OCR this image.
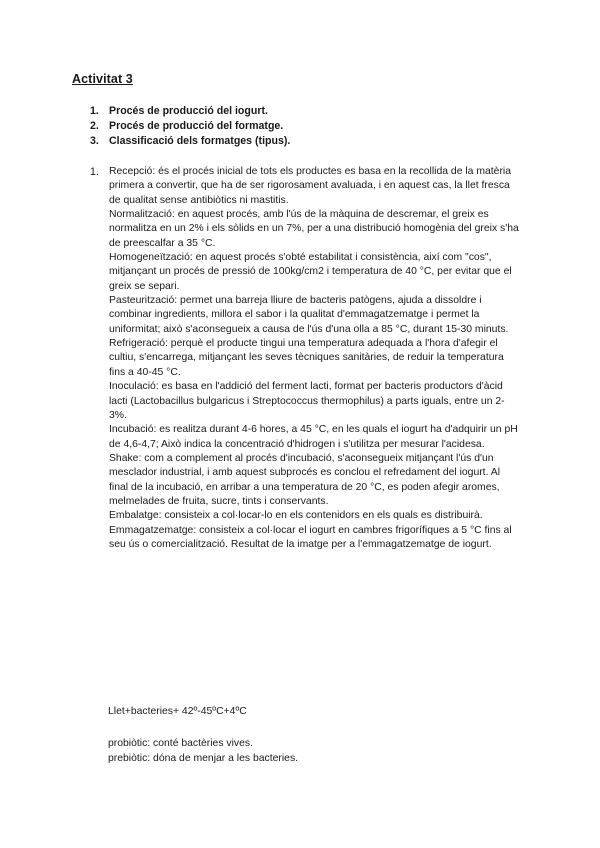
Activitat 3
1. Procés de producció del iogurt.
2. Procés de producció del formatge.
3. Classificació dels formatges (tipus).
1. Recepció: és el procés inicial de tots els productes es basa en la recollida de la matèria primera a convertir, que ha de ser rigorosament avaluada, i en aquest cas, la llet fresca de qualitat sense antibiòtics ni mastitis.

Normalització: en aquest procés, amb l'ús de la màquina de descremar, el greix es normalitza en un 2% i els sòlids en un 7%, per a una distribució homogènia del greix s'ha de preescalfar a 35 °C.

Homogeneïtzació: en aquest procés s'obté estabilitat i consistència, així com "cos", mitjançant un procés de pressió de 100kg/cm2 i temperatura de 40 °C, per evitar que el greix se separi.

Pasteurització: permet una barreja lliure de bacteris patògens, ajuda a dissoldre i combinar ingredients, millora el sabor i la qualitat d'emmagatzematge i permet la uniformitat; això s'aconsegueix a causa de l'ús d'una olla a 85 °C, durant 15-30 minuts.

Refrigeració: perquè el producte tingui una temperatura adequada a l'hora d'afegir el cultiu, s'encarrega, mitjançant les seves tècniques sanitàries, de reduir la temperatura fins a 40-45 °C.

Inoculació: es basa en l'addició del ferment lacti, format per bacteris productors d'àcid lacti (Lactobacillus bulgaricus i Streptococcus thermophilus) a parts iguals, entre un 2-3%.

Incubació: es realitza durant 4-6 hores, a 45 °C, en les quals el iogurt ha d'adquirir un pH de 4,6-4,7; Això indica la concentració d'hidrogen i s'utilitza per mesurar l'acidesa.

Shake: com a complement al procés d'incubació, s'aconsegueix mitjançant l'ús d'un mesclador industrial, i amb aquest subprocés es conclou el refredament del iogurt. Al final de la incubació, en arribar a una temperatura de 20 °C, es poden afegir aromes, melmelades de fruita, sucre, tints i conservants.

Embalatge: consisteix a col·locar-lo en els contenidors en els quals es distribuirà.

Emmagatzematge: consisteix a col·locar el iogurt en cambres frigorífiques a 5 °C fins al seu ús o comercialització. Resultat de la imatge per a l'emmagatzematge de iogurt.

Llet+bacteries+ 42º-45ºC+4ºC

probiòtic: conté bactèries vives.

prebiòtic: dóna de menjar a les bacteries.
